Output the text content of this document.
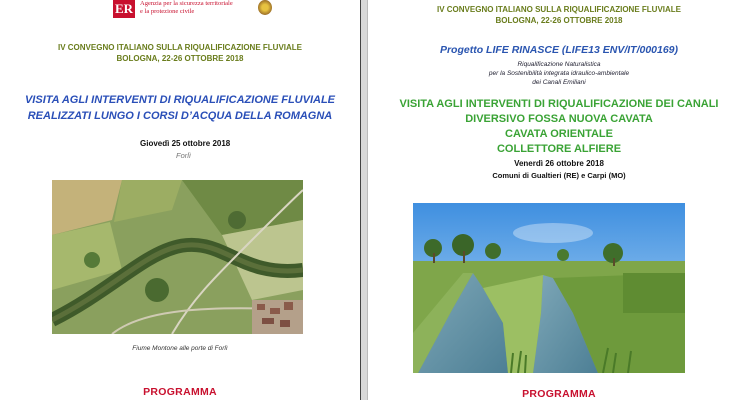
ER	Agenzia per la sicurezza territoriale
e la protezione civile
IV CONVEGNO ITALIANO SULLA RIQUALIFICAZIONE FLUVIALE
BOLOGNA, 22-26 OTTOBRE 2018
VISITA AGLI INTERVENTI DI RIQUALIFICAZIONE FLUVIALE
REALIZZATI LUNGO I CORSI D’ACQUA DELLA ROMAGNA
Giovedì 25 ottobre 2018
Forlì
Fiume Montone alle porte di Forlì
PROGRAMMA
IV CONVEGNO ITALIANO SULLA RIQUALIFICAZIONE FLUVIALE
BOLOGNA, 22-26 OTTOBRE 2018
Progetto LIFE RINASCE (LIFE13 ENV/IT/000169)
Riqualificazione Naturalistica
per la Sostenibilità integrata idraulico-ambientale
dei Canali Emiliani
VISITA AGLI INTERVENTI DI RIQUALIFICAZIONE DEI CANALI
DIVERSIVO FOSSA NUOVA CAVATA
CAVATA ORIENTALE
COLLETTORE ALFIERE
Venerdì 26 ottobre 2018
Comuni di Gualtieri (RE) e Carpi (MO)
PROGRAMMA
